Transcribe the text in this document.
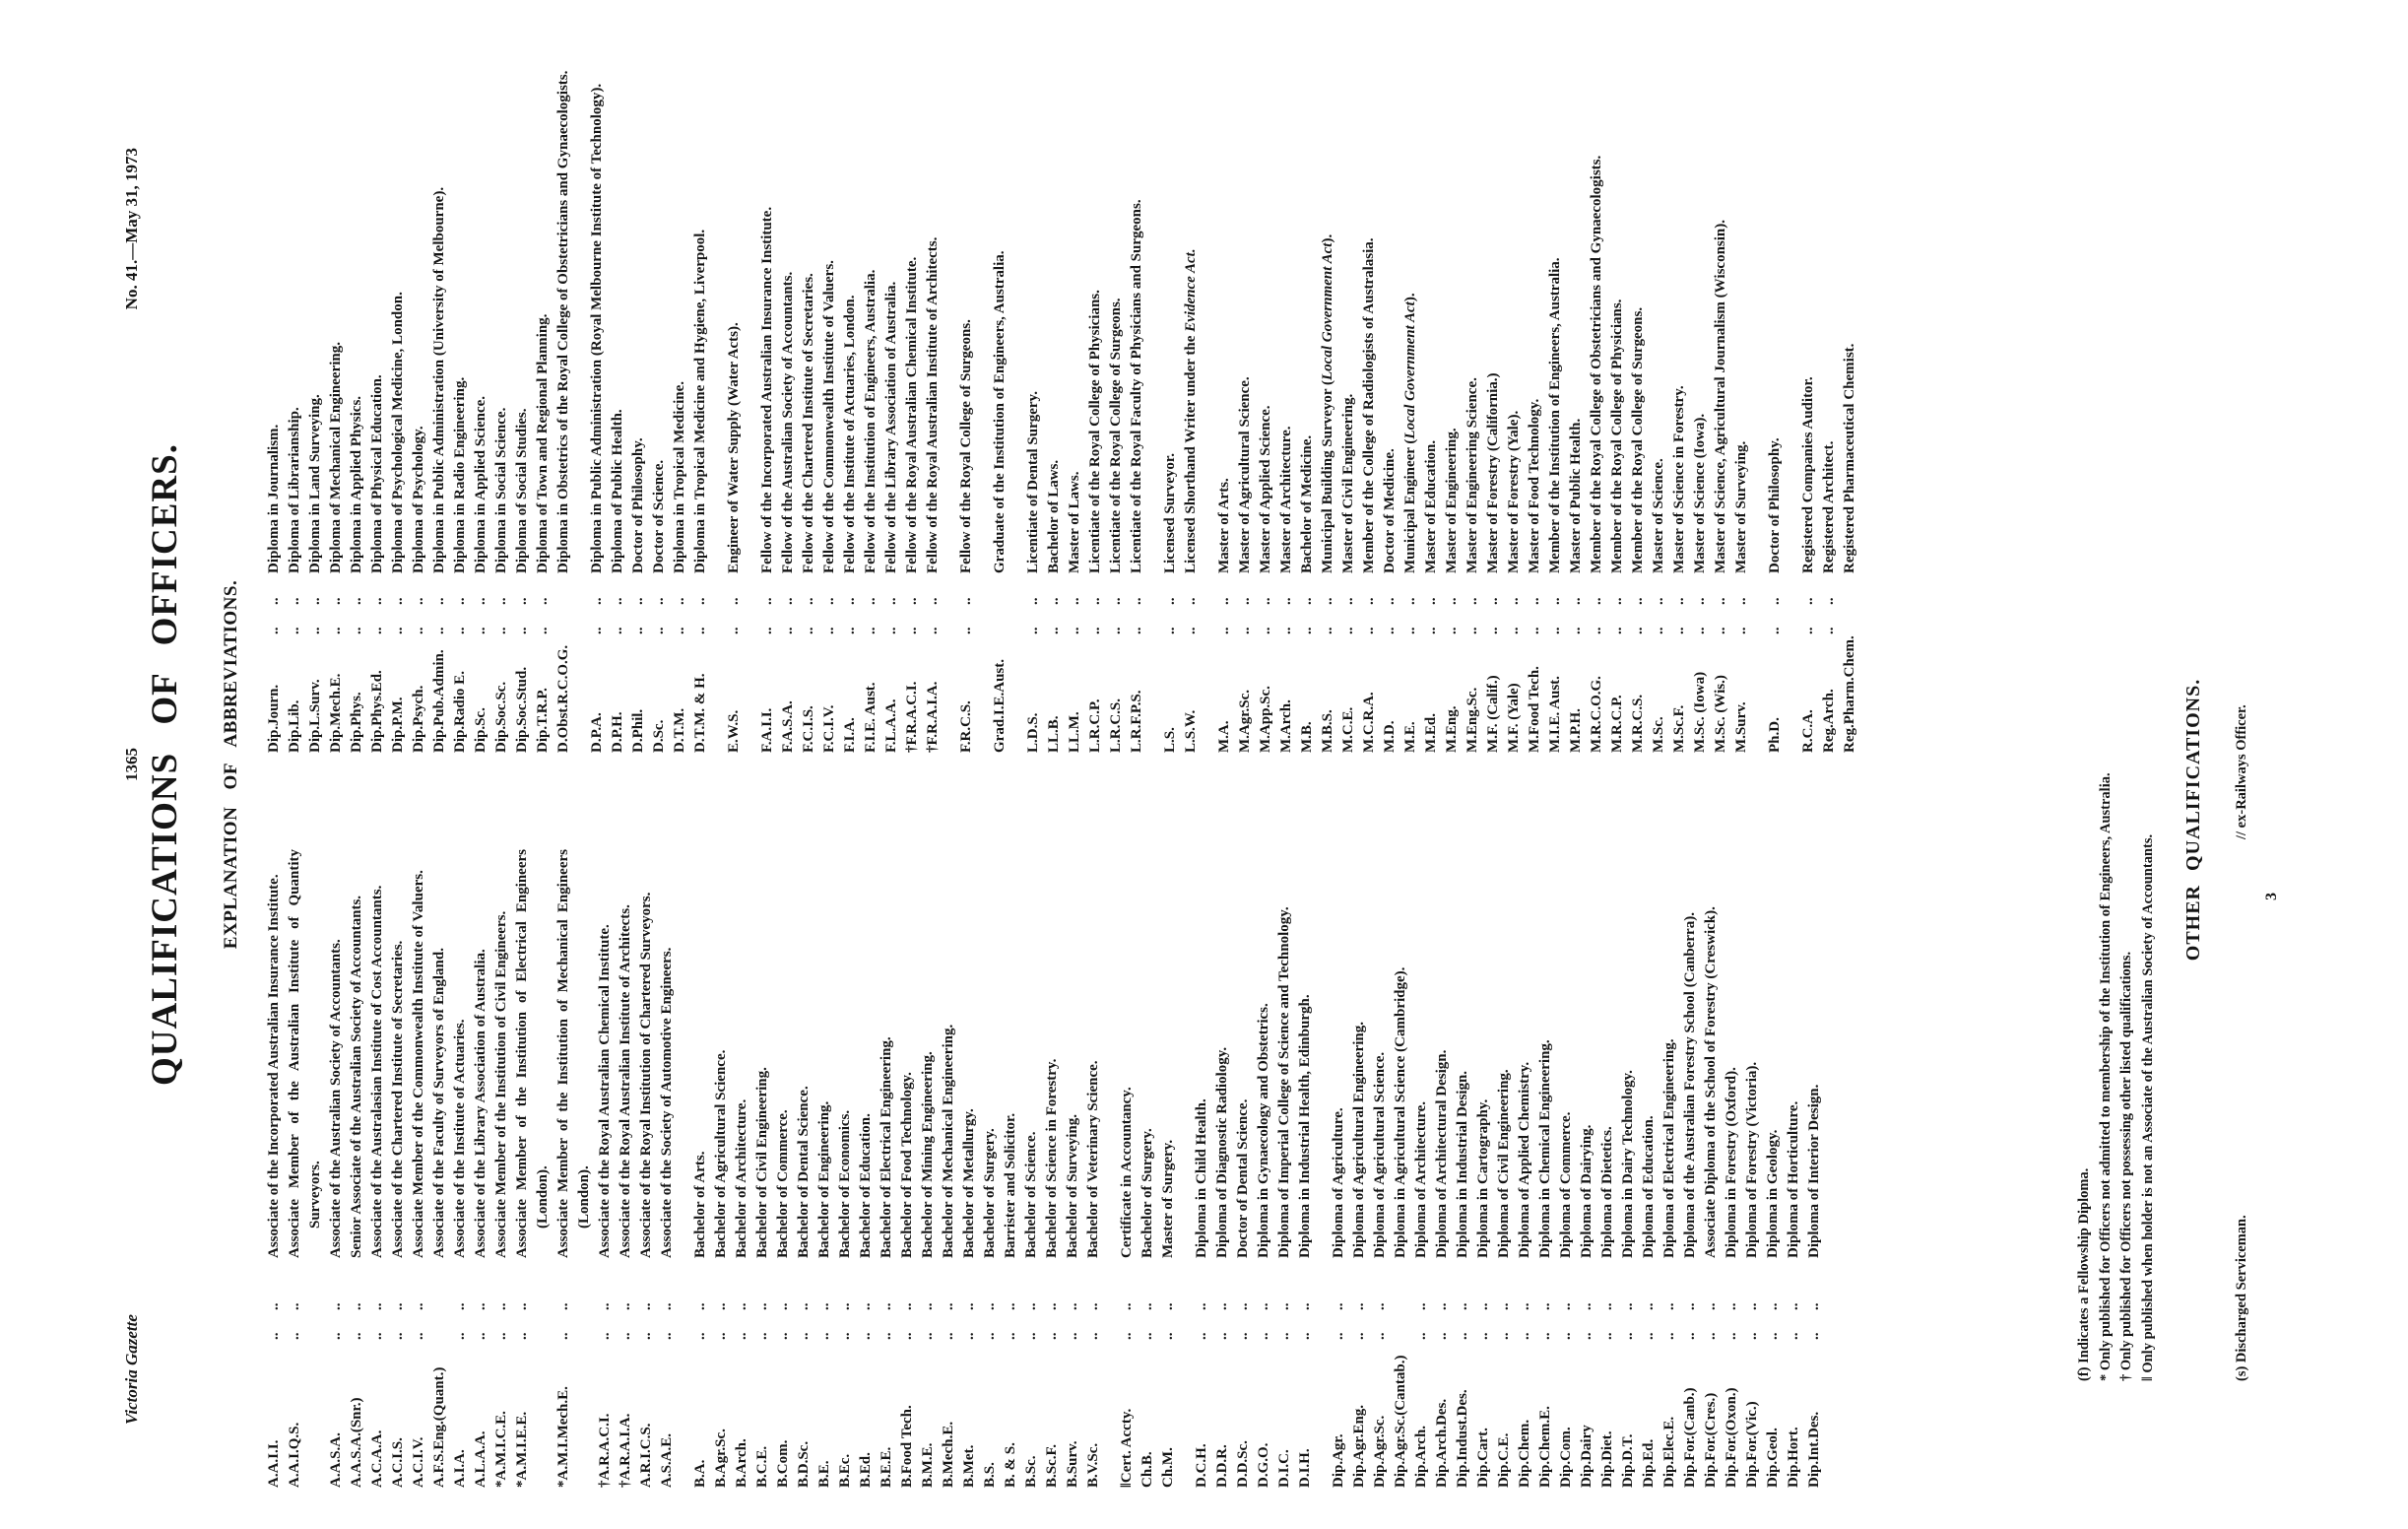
Victoria Gazette
1365
No. 41.—May 31, 1973
QUALIFICATIONS OF OFFICERS. EXPLANATION OF ABBREVIATIONS.
A.A.I.I.
..      ..
Associate of the Incorporated Australian Insurance Institute.
A.A.I.Q.S.
..      ..
Associate Member of the Australian Institute of Quantity Surveyors.
A.A.S.A.
..      ..
Associate of the Australian Society of Accountants.
A.A.S.A.(Snr.)
..      ..
Senior Associate of the Australian Society of Accountants.
A.C.A.A.
..      ..
Associate of the Australasian Institute of Cost Accountants.
A.C.I.S.
..      ..
Associate of the Chartered Institute of Secretaries.
A.C.I.V.
..      ..
Associate Member of the Commonwealth Institute of Valuers.
A.F.S.Eng.(Quant.)
Associate of the Faculty of Surveyors of England.
A.I.A.
..      ..
Associate of the Institute of Actuaries.
A.L.A.A.
..      ..
Associate of the Library Association of Australia.
*A.M.I.C.E.
..      ..
Associate Member of the Institution of Civil Engineers.
*A.M.I.E.E.
..      ..
Associate Member of the Institution of Electrical Engineers (London).
*A.M.I.Mech.E.
..      ..
Associate Member of the Institution of Mechanical Engineers (London).
†A.R.A.C.I.
..      ..
Associate of the Royal Australian Chemical Institute.
†A.R.A.I.A.
..      ..
Associate of the Royal Australian Institute of Architects.
A.R.I.C.S.
..      ..
Associate of the Royal Institution of Chartered Surveyors.
A.S.A.E.
..      ..
Associate of the Society of Automotive Engineers.
B.A.
..      ..
Bachelor of Arts.
B.Agr.Sc.
..      ..
Bachelor of Agricultural Science.
B.Arch.
..      ..
Bachelor of Architecture.
B.C.E.
..      ..
Bachelor of Civil Engineering.
B.Com.
..      ..
Bachelor of Commerce.
B.D.Sc.
..      ..
Bachelor of Dental Science.
B.E.
..      ..
Bachelor of Engineering.
B.Ec.
..      ..
Bachelor of Economics.
B.Ed.
..      ..
Bachelor of Education.
B.E.E.
..      ..
Bachelor of Electrical Engineering.
B.Food Tech.
..      ..
Bachelor of Food Technology.
B.M.E.
..      ..
Bachelor of Mining Engineering.
B.Mech.E.
..      ..
Bachelor of Mechanical Engineering.
B.Met.
..      ..
Bachelor of Metallurgy.
B.S.
..      ..
Bachelor of Surgery.
B. & S.
..      ..
Barrister and Solicitor.
B.Sc.
..      ..
Bachelor of Science.
B.Sc.F.
..      ..
Bachelor of Science in Forestry.
B.Surv.
..      ..
Bachelor of Surveying.
B.V.Sc.
..      ..
Bachelor of Veterinary Science.
‖Cert. Accty.
..      ..
Certificate in Accountancy.
Ch.B.
..      ..
Bachelor of Surgery.
Ch.M.
..      ..
Master of Surgery.
D.C.H.
..      ..
Diploma in Child Health.
D.D.R.
..      ..
Diploma of Diagnostic Radiology.
D.D.Sc.
..      ..
Doctor of Dental Science.
D.G.O.
..      ..
Diploma in Gynaecology and Obstetrics.
D.I.C.
..      ..
Diploma of Imperial College of Science and Technology.
D.I.H.
..      ..
Diploma in Industrial Health, Edinburgh.
Dip.Agr.
..      ..
Diploma of Agriculture.
Dip.Agr.Eng.
..      ..
Diploma of Agricultural Engineering.
Dip.Agr.Sc.
..      ..
Diploma of Agricultural Science.
Dip.Agr.Sc.(Cantab.)
Diploma in Agricultural Science (Cambridge).
Dip.Arch.
..      ..
Diploma of Architecture.
Dip.Arch.Des.
..      ..
Diploma of Architectural Design.
Dip.Indust.Des.
..      ..
Diploma in Industrial Design.
Dip.Cart.
..      ..
Diploma in Cartography.
Dip.C.E.
..      ..
Diploma of Civil Engineering.
Dip.Chem.
..      ..
Diploma of Applied Chemistry.
Dip.Chem.E.
..      ..
Diploma in Chemical Engineering.
Dip.Com.
..      ..
Diploma of Commerce.
Dip.Dairy
..      ..
Diploma of Dairying.
Dip.Diet.
..      ..
Diploma of Dietetics.
Dip.D.T.
..      ..
Diploma in Dairy Technology.
Dip.Ed.
..      ..
Diploma of Education.
Dip.Elec.E.
..      ..
Diploma of Electrical Engineering.
Dip.For.(Canb.)
..      ..
Diploma of the Australian Forestry School (Canberra).
Dip.For.(Cres.)
..      ..
Associate Diploma of the School of Forestry (Creswick).
Dip.For.(Oxon.)
..      ..
Diploma in Forestry (Oxford).
Dip.For.(Vic.)
..      ..
Diploma of Forestry (Victoria).
Dip.Geol.
..      ..
Diploma in Geology.
Dip.Hort.
..      ..
Diploma of Horticulture.
Dip.Int.Des.
..      ..
Diploma of Interior Design.
Dip.Journ.
..      ..
Diploma in Journalism.
Dip.Lib.
..      ..
Diploma of Librarianship.
Dip.L.Surv.
..      ..
Diploma in Land Surveying.
Dip.Mech.E.
..      ..
Diploma of Mechanical Engineering.
Dip.Phys.
..      ..
Diploma in Applied Physics.
Dip.Phys.Ed.
..      ..
Diploma of Physical Education.
Dip.P.M.
..      ..
Diploma of Psychological Medicine, London.
Dip.Psych.
..      ..
Diploma of Psychology.
Dip.Pub.Admin.
..      ..
Diploma in Public Administration (University of Melbourne).
Dip.Radio E.
..      ..
Diploma in Radio Engineering.
Dip.Sc.
..      ..
Diploma in Applied Science.
Dip.Soc.Sc.
..      ..
Diploma in Social Science.
Dip.Soc.Stud.
..      ..
Diploma of Social Studies.
Dip.T.R.P.
..      ..
Diploma of Town and Regional Planning.
D.Obst.R.C.O.G.
Diploma in Obstetrics of the Royal College of Obstetricians and Gynaecologists.
D.P.A.
..      ..
Diploma in Public Administration (Royal Melbourne Institute of Technology).
D.P.H.
..      ..
Diploma of Public Health.
D.Phil.
..      ..
Doctor of Philosophy.
D.Sc.
..      ..
Doctor of Science.
D.T.M.
..      ..
Diploma in Tropical Medicine.
D.T.M. & H.
..      ..
Diploma in Tropical Medicine and Hygiene, Liverpool.
E.W.S.
..      ..
Engineer of Water Supply (Water Acts).
F.A.I.I.
..      ..
Fellow of the Incorporated Australian Insurance Institute.
F.A.S.A.
..      ..
Fellow of the Australian Society of Accountants.
F.C.I.S.
..      ..
Fellow of the Chartered Institute of Secretaries.
F.C.I.V.
..      ..
Fellow of the Commonwealth Institute of Valuers.
F.I.A.
..      ..
Fellow of the Institute of Actuaries, London.
F.I.E. Aust.
..      ..
Fellow of the Institution of Engineers, Australia.
F.L.A.A.
..      ..
Fellow of the Library Association of Australia.
†F.R.A.C.I.
..      ..
Fellow of the Royal Australian Chemical Institute.
†F.R.A.I.A.
..      ..
Fellow of the Royal Australian Institute of Architects.
F.R.C.S.
..      ..
Fellow of the Royal College of Surgeons.
Grad.I.E.Aust.
Graduate of the Institution of Engineers, Australia.
L.D.S.
..      ..
Licentiate of Dental Surgery.
LL.B.
..      ..
Bachelor of Laws.
LL.M.
..      ..
Master of Laws.
L.R.C.P.
..      ..
Licentiate of the Royal College of Physicians.
L.R.C.S.
..      ..
Licentiate of the Royal College of Surgeons.
L.R.F.P.S.
..      ..
Licentiate of the Royal Faculty of Physicians and Surgeons.
L.S.
..      ..
Licensed Surveyor.
L.S.W.
..      ..
Licensed Shorthand Writer under the Evidence Act.
M.A.
..      ..
Master of Arts.
M.Agr.Sc.
..      ..
Master of Agricultural Science.
M.App.Sc.
..      ..
Master of Applied Science.
M.Arch.
..      ..
Master of Architecture.
M.B.
..      ..
Bachelor of Medicine.
M.B.S.
..      ..
Municipal Building Surveyor (Local Government Act).
M.C.E.
..      ..
Master of Civil Engineering.
M.C.R.A.
..      ..
Member of the College of Radiologists of Australasia.
M.D.
..      ..
Doctor of Medicine.
M.E.
..      ..
Municipal Engineer (Local Government Act).
M.Ed.
..      ..
Master of Education.
M.Eng.
..      ..
Master of Engineering.
M.Eng.Sc.
..      ..
Master of Engineering Science.
M.F. (Calif.)
..      ..
Master of Forestry (California.)
M.F. (Yale)
..      ..
Master of Forestry (Yale).
M.Food Tech.
..      ..
Master of Food Technology.
M.I.E. Aust.
..      ..
Member of the Institution of Engineers, Australia.
M.P.H.
..      ..
Master of Public Health.
M.R.C.O.G.
..      ..
Member of the Royal College of Obstetricians and Gynaecologists.
M.R.C.P.
..      ..
Member of the Royal College of Physicians.
M.R.C.S.
..      ..
Member of the Royal College of Surgeons.
M.Sc.
..      ..
Master of Science.
M.Sc.F.
..      ..
Master of Science in Forestry.
M.Sc. (Iowa)
..      ..
Master of Science (Iowa).
M.Sc. (Wis.)
..      ..
Master of Science, Agricultural Journalism (Wisconsin).
M.Surv.
..      ..
Master of Surveying.
Ph.D.
..      ..
Doctor of Philosophy.
R.C.A.
..      ..
Registered Companies Auditor.
Reg.Arch.
..      ..
Registered Architect.
Reg.Pharm.Chem.
Registered Pharmaceutical Chemist.
(f) Indicates a Fellowship Diploma. * Only published for Officers not admitted to membership of the Institution of Engineers, Australia. † Only published for Officers not possessing other listed qualifications. ‖ Only published when holder is not an Associate of the Australian Society of Accountants.
OTHER QUALIFICATIONS.
(s) Discharged Serviceman.
// ex-Railways Officer.
3
